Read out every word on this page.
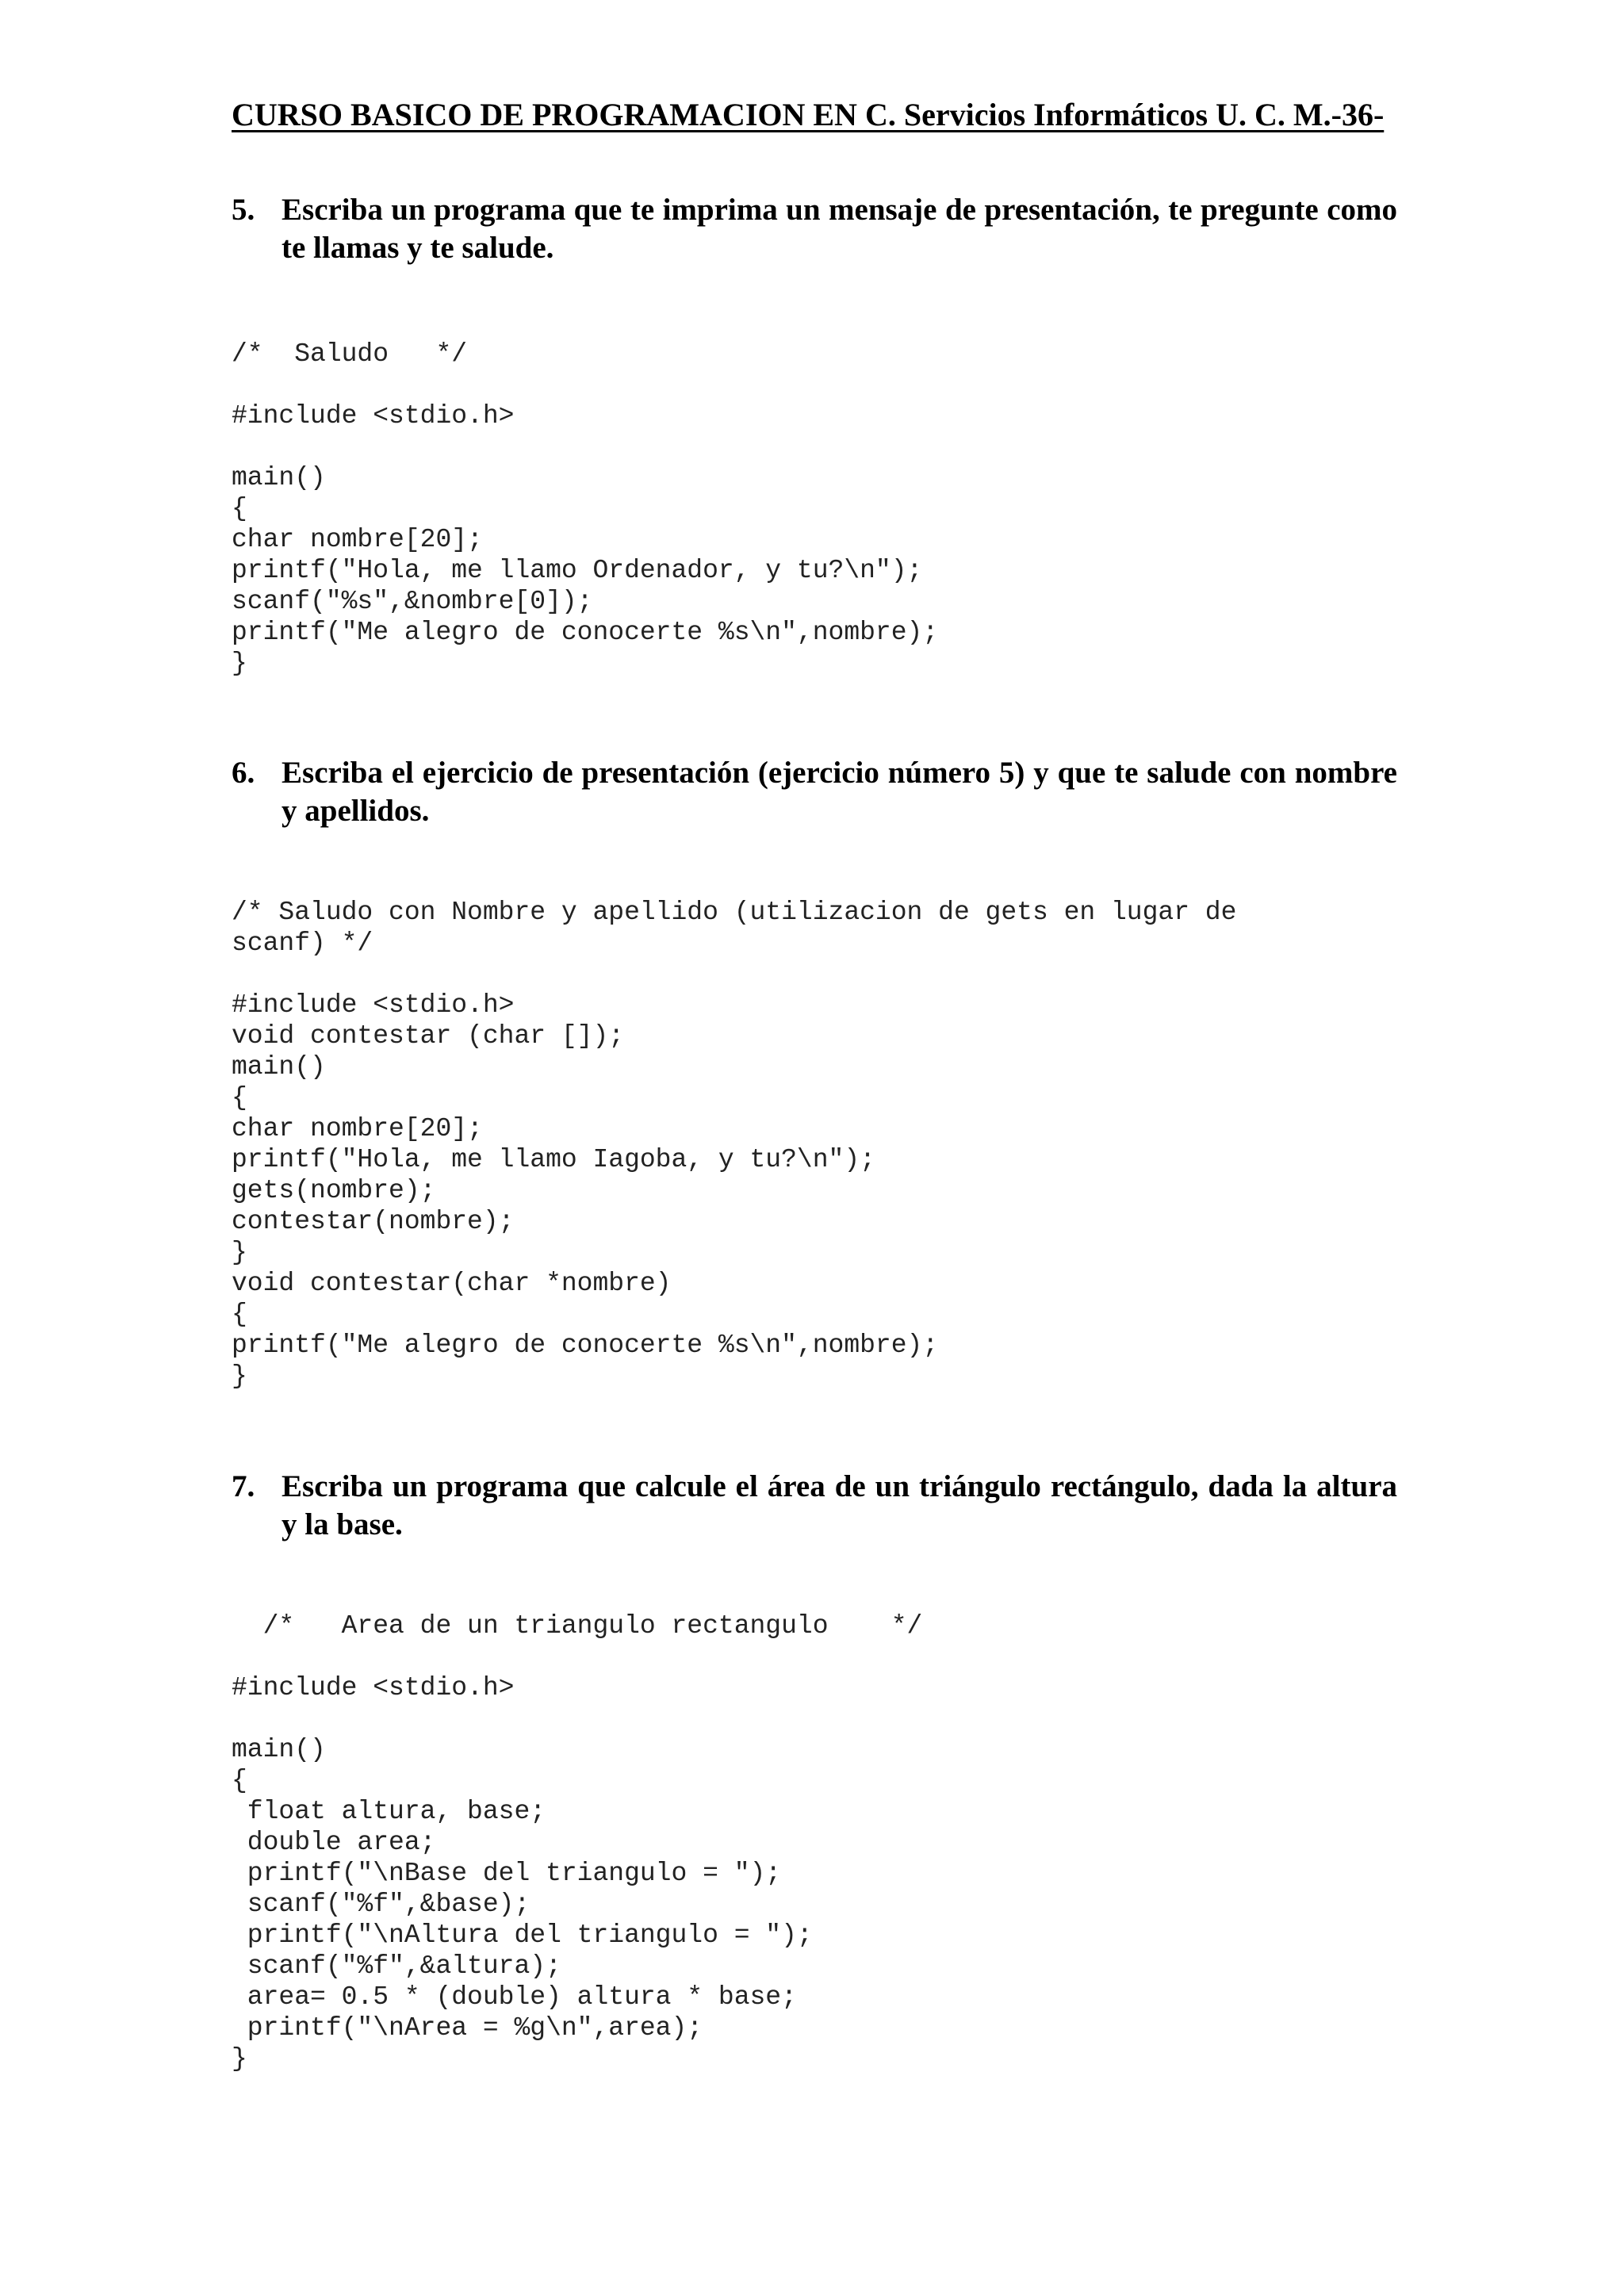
CURSO BASICO DE PROGRAMACION EN C. Servicios Informáticos U. C. M.-36-
5. Escriba un programa que te imprima un mensaje de presentación, te pregunte como te llamas y te salude.
/*  Saludo   */
#include <stdio.h>
main()
{
char nombre[20];
printf("Hola, me llamo Ordenador, y tu?\n");
scanf("%s",&nombre[0]);
printf("Me alegro de conocerte %s\n",nombre);
}
6. Escriba el ejercicio de presentación (ejercicio número 5) y que te salude con nombre y apellidos.
/* Saludo con Nombre y apellido (utilizacion de gets en lugar de
scanf) */
#include <stdio.h>
void contestar (char []);
main()
{
char nombre[20];
printf("Hola, me llamo Iagoba, y tu?\n");
gets(nombre);
contestar(nombre);
}
void contestar(char *nombre)
{
printf("Me alegro de conocerte %s\n",nombre);
}
7. Escriba un programa que calcule el área de un triángulo rectángulo, dada la altura y la base.
/*   Area de un triangulo rectangulo    */
#include <stdio.h>
main()
{
float altura, base;
double area;
printf("\nBase del triangulo = ");
scanf("%f",&base);
printf("\nAltura del triangulo = ");
scanf("%f",&altura);
area= 0.5 * (double) altura * base;
printf("\nArea = %g\n",area);
}
